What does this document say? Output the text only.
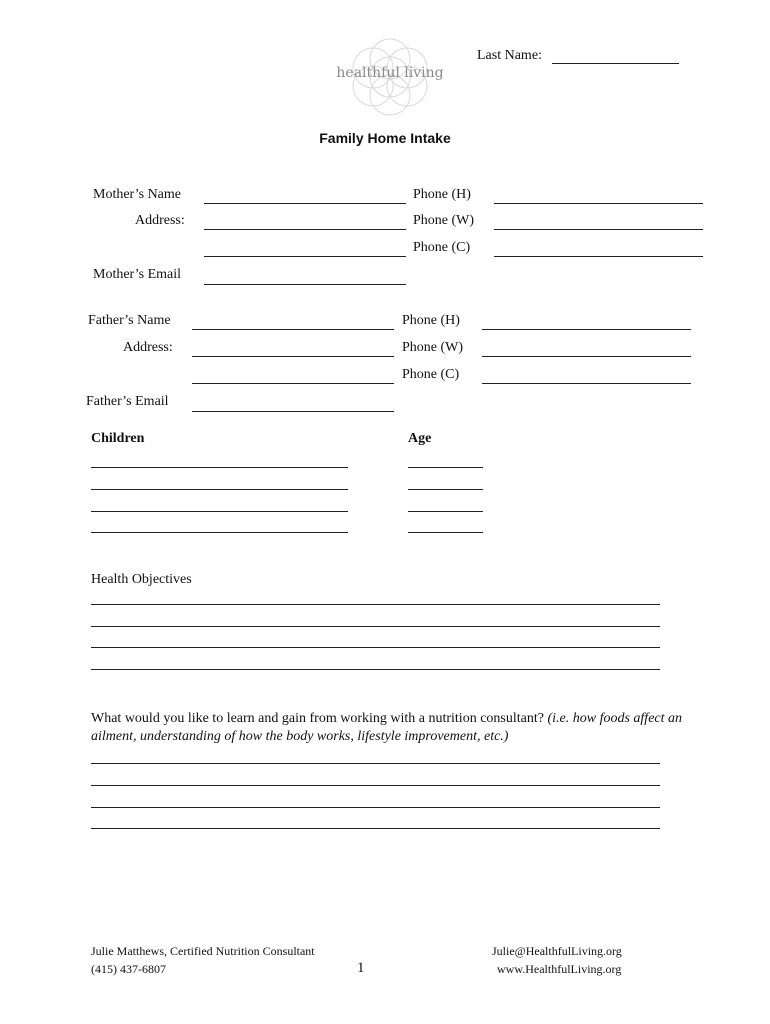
healthful living
Last Name:
Family Home Intake
Mother’s Name	Phone (H)
Address:	Phone (W)
Phone (C)
Mother’s Email
Father’s Name	Phone (H)
Address:	Phone (W)
Phone (C)
Father’s Email
Children	Age
Health Objectives
What would you like to learn and gain from working with a nutrition consultant? (i.e. how foods affect an ailment, understanding of how the body works, lifestyle improvement, etc.)
Julie Matthews, Certified Nutrition Consultant
(415) 437-6807	1
Julie@HealthfulLiving.org
www.HealthfulLiving.org
